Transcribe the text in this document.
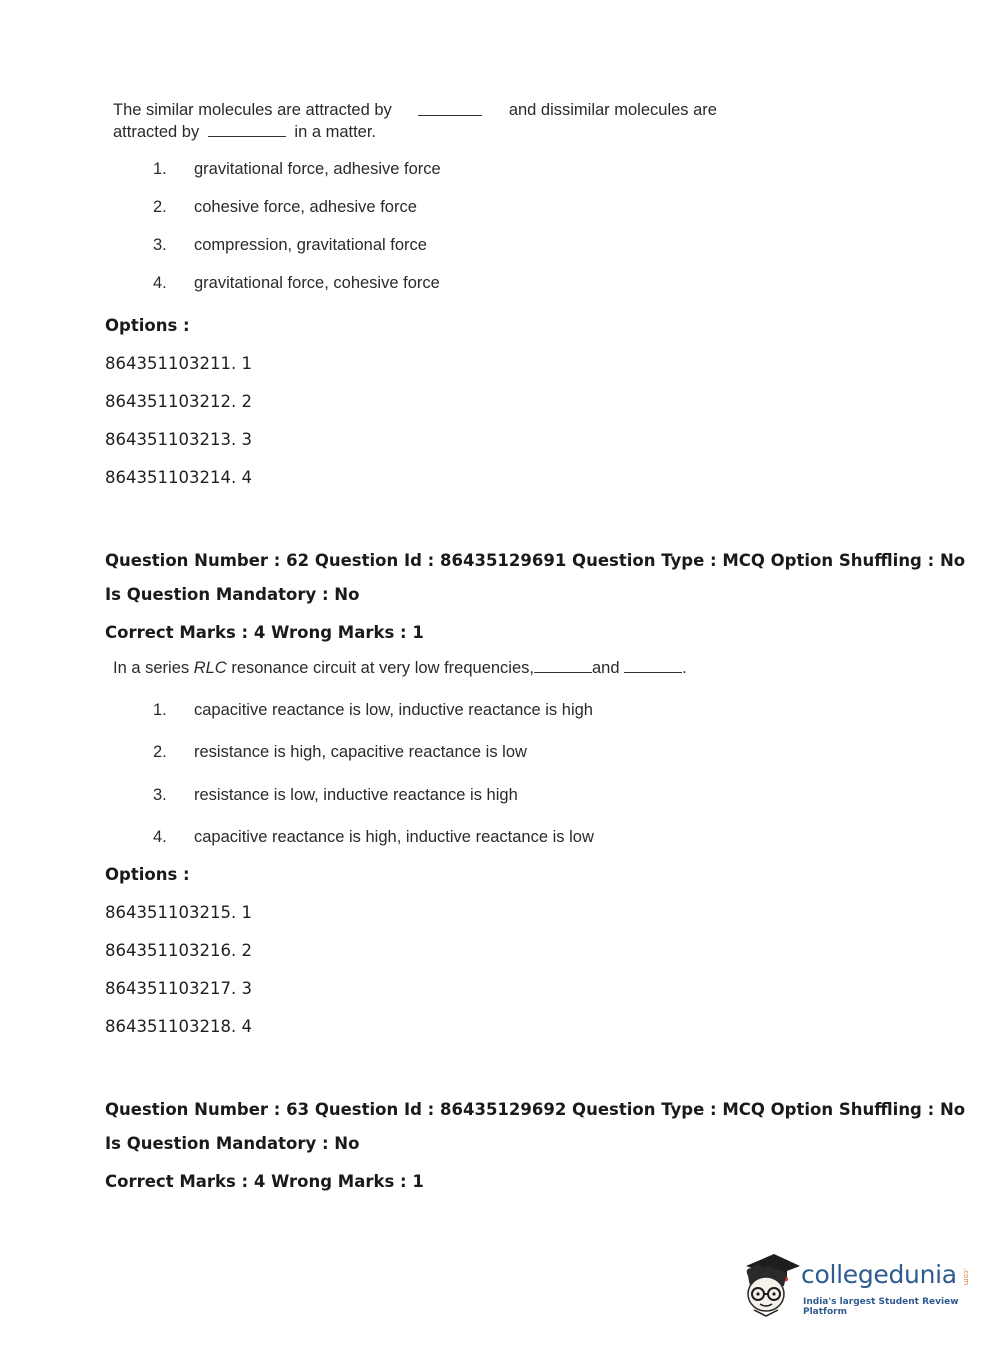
The similar molecules are attracted by	and dissimilar molecules are
attracted by	in a matter.
1. gravitational force, adhesive force
2. cohesive force, adhesive force
3. compression, gravitational force
4. gravitational force, cohesive force
Options :
864351103211. 1
864351103212. 2
864351103213. 3
864351103214. 4
Question Number : 62 Question Id : 86435129691 Question Type : MCQ Option Shuffling : No
Is Question Mandatory : No
Correct Marks : 4 Wrong Marks : 1
In a series RLC resonance circuit at very low frequencies,	and	.
1. capacitive reactance is low, inductive reactance is high
2. resistance is high, capacitive reactance is low
3. resistance is low, inductive reactance is high
4. capacitive reactance is high, inductive reactance is low
Options :
864351103215. 1
864351103216. 2
864351103217. 3
864351103218. 4
Question Number : 63 Question Id : 86435129692 Question Type : MCQ Option Shuffling : No
Is Question Mandatory : No
Correct Marks : 4 Wrong Marks : 1
collegedunia .com
India's largest Student Review Platform
